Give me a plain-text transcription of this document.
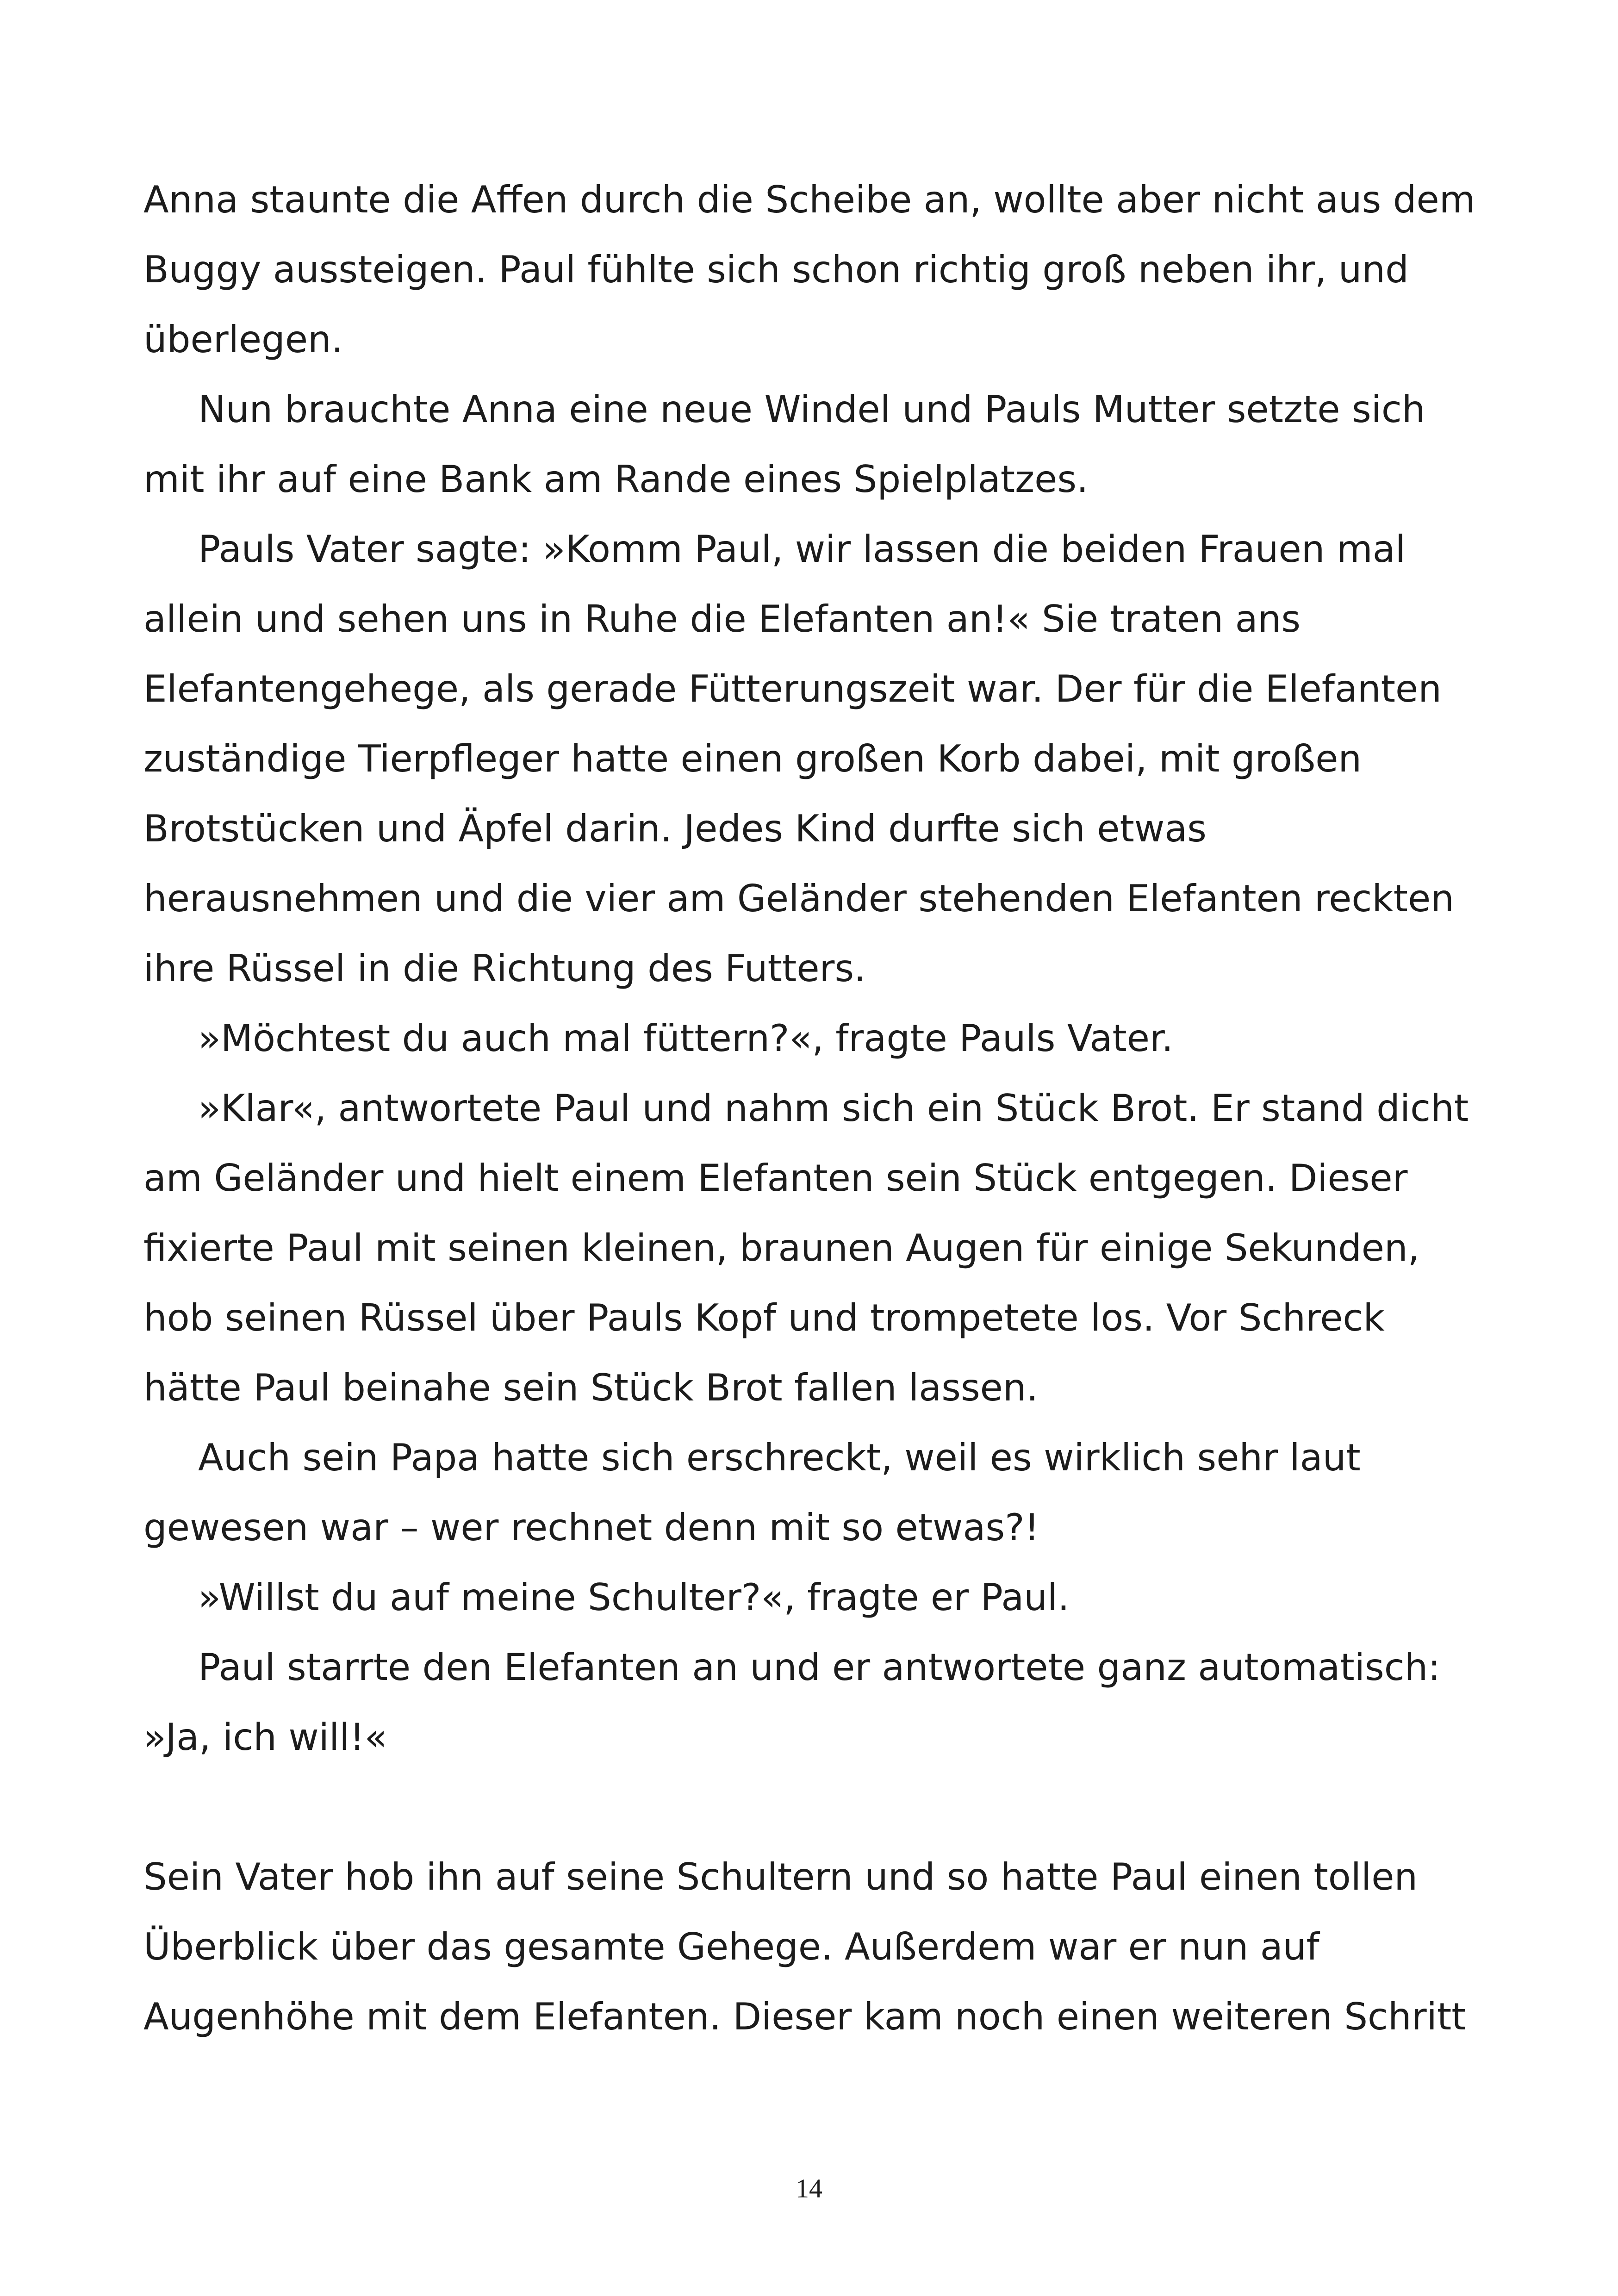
Anna staunte die Affen durch die Scheibe an, wollte aber nicht aus dem
Buggy aussteigen. Paul fühlte sich schon richtig groß neben ihr, und
überlegen.
Nun brauchte Anna eine neue Windel und Pauls Mutter setzte sich
mit ihr auf eine Bank am Rande eines Spielplatzes.
Pauls Vater sagte: »Komm Paul, wir lassen die beiden Frauen mal
allein und sehen uns in Ruhe die Elefanten an!« Sie traten ans
Elefantengehege, als gerade Fütterungszeit war. Der für die Elefanten
zuständige Tierpfleger hatte einen großen Korb dabei, mit großen
Brotstücken und Äpfel darin. Jedes Kind durfte sich etwas
herausnehmen und die vier am Geländer stehenden Elefanten reckten
ihre Rüssel in die Richtung des Futters.
»Möchtest du auch mal füttern?«, fragte Pauls Vater.
»Klar«, antwortete Paul und nahm sich ein Stück Brot. Er stand dicht
am Geländer und hielt einem Elefanten sein Stück entgegen. Dieser
fixierte Paul mit seinen kleinen, braunen Augen für einige Sekunden,
hob seinen Rüssel über Pauls Kopf und trompetete los. Vor Schreck
hätte Paul beinahe sein Stück Brot fallen lassen.
Auch sein Papa hatte sich erschreckt, weil es wirklich sehr laut
gewesen war – wer rechnet denn mit so etwas?!
»Willst du auf meine Schulter?«, fragte er Paul.
Paul starrte den Elefanten an und er antwortete ganz automatisch:
»Ja, ich will!«
Sein Vater hob ihn auf seine Schultern und so hatte Paul einen tollen
Überblick über das gesamte Gehege. Außerdem war er nun auf
Augenhöhe mit dem Elefanten. Dieser kam noch einen weiteren Schritt
14
